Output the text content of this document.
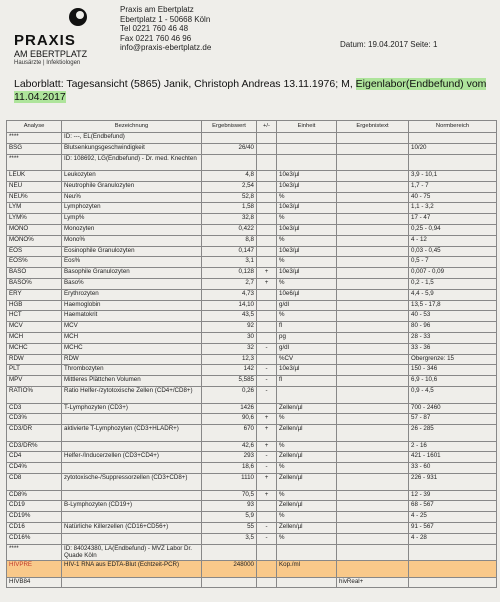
PRAXIS
AM EBERTPLATZ
Hausärzte | Infektiologen
Praxis am Ebertplatz
Ebertplatz 1 - 50668 Köln
Tel 0221 760 46 48
Fax 0221 760 46 96
info@praxis-ebertplatz.de	Datum: 19.04.2017 Seite: 1
Laborblatt: Tagesansicht (5865) Janik, Christoph Andreas 13.11.1976; M, Eigenlabor(Endbefund) vom 11.04.2017
Analyse	Bezeichnung	Ergebniswert	+/-	Einheit	Ergebnistext	Normbereich
****	ID: ---, EL(Endbefund)					
BSG	Blutsenkungsgeschwindigkeit	26/40				10/20
****	ID: 108692, LG(Endbefund) - Dr. med. Knechten					
LEUK	Leukozyten	4,8		10e3/µl		3,9 - 10,1
NEU	Neutrophile Granulozyten	2,54		10e3/µl		1,7 - 7
NEU%	Neu%	52,8		%		40 - 75
LYM	Lymphozyten	1,58		10e3/µl		1,1 - 3,2
LYM%	Lymp%	32,8		%		17 - 47
MONO	Monozyten	0,422		10e3/µl		0,25 - 0,94
MONO%	Mono%	8,8		%		4 - 12
EOS	Eosinophile Granulozyten	0,147		10e3/µl		0,03 - 0,45
EOS%	Eos%	3,1		%		0,5 - 7
BASO	Basophile Granulozyten	0,128	+	10e3/µl		0,007 - 0,09
BASO%	Baso%	2,7	+	%		0,2 - 1,5
ERY	Erythrozyten	4,73		10e6/µl		4,4 - 5,9
HGB	Haemoglobin	14,10		g/dl		13,5 - 17,8
HCT	Haematokrit	43,5		%		40 - 53
MCV	MCV	92		fl		80 - 96
MCH	MCH	30		pg		28 - 33
MCHC	MCHC	32	-	g/dl		33 - 36
RDW	RDW	12,3		%CV		Obergrenze: 15
PLT	Thrombozyten	142	-	10e3/µl		150 - 346
MPV	Mittleres Plättchen Volumen	5,585	-	fl		6,9 - 10,6
RATIO%	Ratio Helfer-/zytotoxische Zellen (CD4+/CD8+)	0,26	-			0,9 - 4,5
CD3	T-Lymphozyten (CD3+)	1426		Zellen/µl		700 - 2460
CD3%		90,6	+	%		57 - 87
CD3/DR	aktivierte T-Lymphozyten (CD3+HLADR+)	670	+	Zellen/µl		26 - 285
CD3/DR%		42,6	+	%		2 - 16
CD4	Helfer-/Inducerzellen (CD3+CD4+)	293	-	Zellen/µl		421 - 1601
CD4%		18,6	-	%		33 - 60
CD8	zytotoxische-/Suppressorzellen (CD3+CD8+)	1110	+	Zellen/µl		226 - 931
CD8%		70,5	+	%		12 - 39
CD19	B-Lymphozyten (CD19+)	93		Zellen/µl		68 - 567
CD19%		5,9		%		4 - 25
CD16	Natürliche Killerzellen (CD16+CD56+)	55	-	Zellen/µl		91 - 567
CD16%		3,5	-	%		4 - 28
****	ID: 84024380, LA(Endbefund) - MVZ Labor Dr. Quade Köln					
HIVPRE	HIV-1 RNA aus EDTA-Blut (Echtzeit-PCR)	248000		Kop./ml		
HIVB84					hivReal+	
